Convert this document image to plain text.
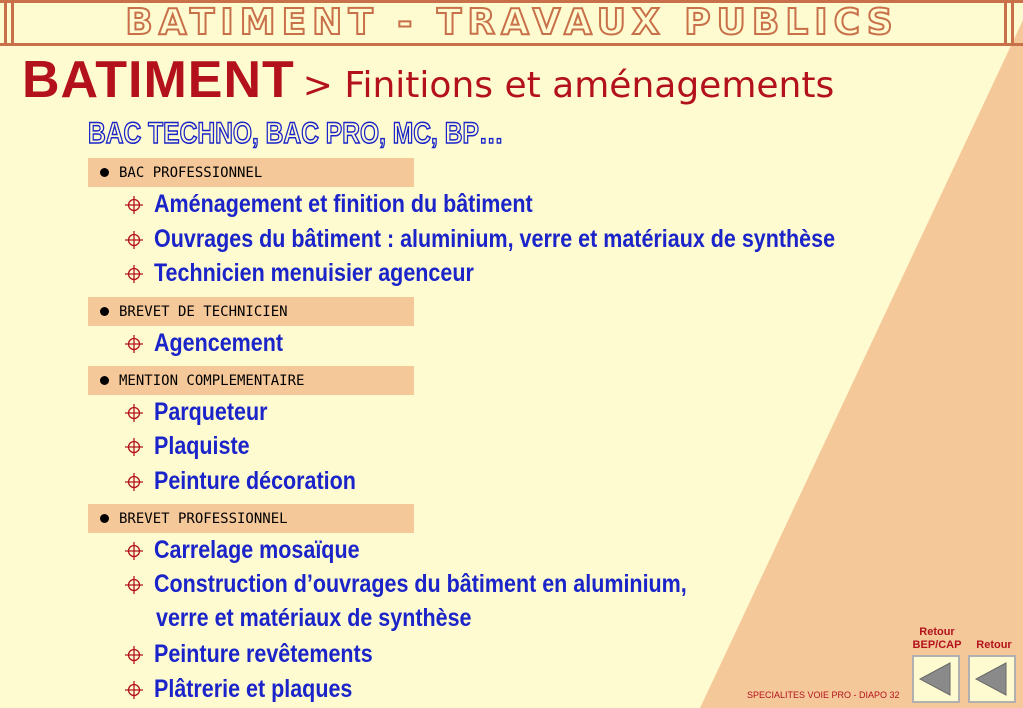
BATIMENT - TRAVAUX PUBLICS
BATIMENT > Finitions et aménagements
BAC TECHNO, BAC PRO, MC, BP…
BAC PROFESSIONNEL
Aménagement et finition du bâtiment
Ouvrages du bâtiment : aluminium, verre et matériaux de synthèse
Technicien menuisier agenceur
BREVET DE TECHNICIEN
Agencement
MENTION COMPLEMENTAIRE
Parqueteur
Plaquiste
Peinture décoration
BREVET PROFESSIONNEL
Carrelage mosaïque
Construction d’ouvrages du bâtiment en aluminium,
verre et matériaux de synthèse
Peinture revêtements
Plâtrerie et plaques
Retour
BEP/CAP	Retour
SPECIALITES VOIE PRO - DIAPO 32
